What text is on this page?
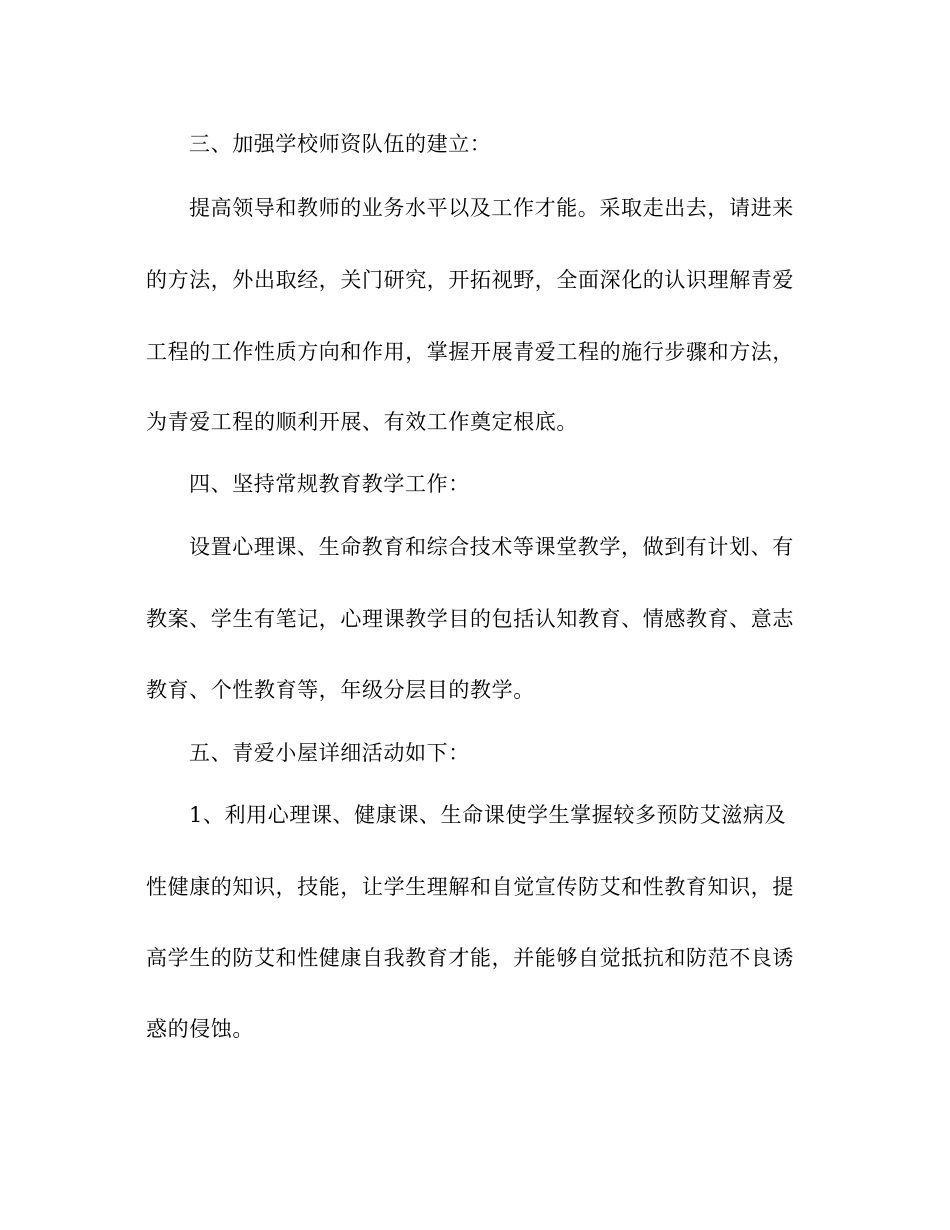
三、加强学校师资队伍的建立：
提高领导和教师的业务水平以及工作才能。采取走出去，请进来
的方法，外出取经，关门研究，开拓视野，全面深化的认识理解青爱
工程的工作性质方向和作用，掌握开展青爱工程的施行步骤和方法，
为青爱工程的顺利开展、有效工作奠定根底。
四、坚持常规教育教学工作：
设置心理课、生命教育和综合技术等课堂教学，做到有计划、有
教案、学生有笔记，心理课教学目的包括认知教育、情感教育、意志
教育、个性教育等，年级分层目的教学。
五、青爱小屋详细活动如下：
1、利用心理课、健康课、生命课使学生掌握较多预防艾滋病及
性健康的知识，技能，让学生理解和自觉宣传防艾和性教育知识，提
高学生的防艾和性健康自我教育才能，并能够自觉抵抗和防范不良诱
惑的侵蚀。
